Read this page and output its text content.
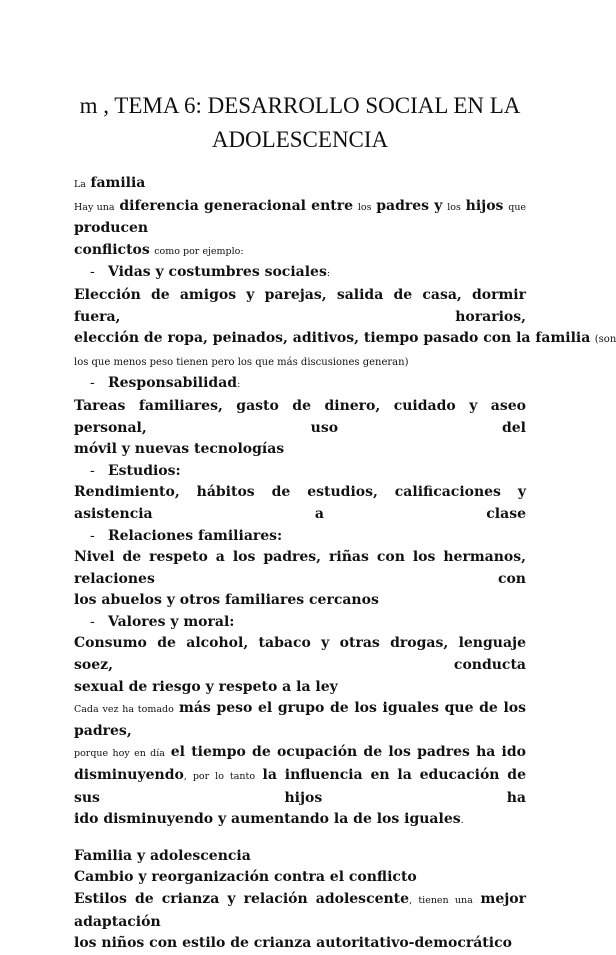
m , TEMA 6: DESARROLLO SOCIAL EN LA
ADOLESCENCIA

La familia

Hay una diferencia generacional entre los padres y los hijos que producen

conflictos como por ejemplo:

- Vidas y costumbres sociales:

Elección de amigos y parejas, salida de casa, dormir fuera, horarios,

elección de ropa, peinados, aditivos, tiempo pasado con la familia (son

los que menos peso tienen pero los que más discusiones generan)

- Responsabilidad:

Tareas familiares, gasto de dinero, cuidado y aseo personal, uso del

móvil y nuevas tecnologías

- Estudios:

Rendimiento, hábitos de estudios, calificaciones y asistencia a clase

- Relaciones familiares:

Nivel de respeto a los padres, riñas con los hermanos, relaciones con

los abuelos y otros familiares cercanos

- Valores y moral:

Consumo de alcohol, tabaco y otras drogas, lenguaje soez, conducta

sexual de riesgo y respeto a la ley

Cada vez ha tomado más peso el grupo de los iguales que de los padres,

porque hoy en día el tiempo de ocupación de los padres ha ido

disminuyendo, por lo tanto la influencia en la educación de sus hijos ha

ido disminuyendo y aumentando la de los iguales.

Familia y adolescencia

Cambio y reorganización contra el conflicto

Estilos de crianza y relación adolescente, tienen una mejor adaptación

los niños con estilo de crianza autoritativo-democrático
